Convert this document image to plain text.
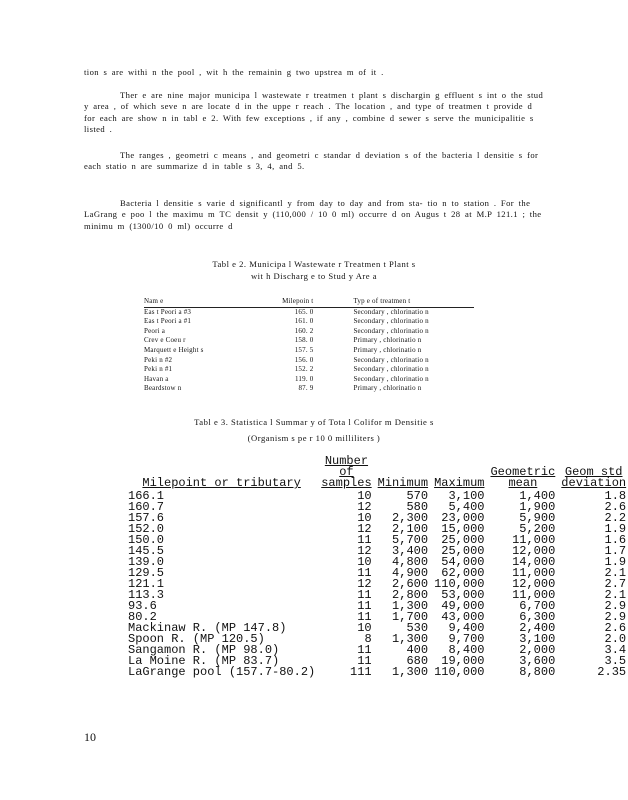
tion s are withi n the pool , wit h the remainin g two upstrea m of it .

Ther e are nine major municipa l wastewate r treatmen t plant s dischargin g effluent s int o the stud y area , of which seve n are locate d in the uppe r reach . The location , and type of treatmen t provide d for each are show n in tabl e 2. With few exceptions , if any , combine d sewer s serve the municipalitie s listed .

The ranges , geometri c means , and geometri c standar d deviation s of the bacteria l densitie s for each statio n are summarize d in table s 3, 4, and 5.

Bacteria l densitie s varie d significantl y from day to day and from sta- tio n to station . For the LaGrang e poo l the maximu m TC densit y (110,000 / 10 0 ml) occurre d on Augus t 28 at M.P 121.1 ; the minimu m (1300/10 0 ml) occurre d

Tabl e 2. Municipa l Wastewate r Treatmen t Plant s

wit h Discharg e to Stud y Are a

Nam e	Milepoin t	Typ e of treatmen t
Eas t Peori a #3	165. 0	Secondary , chlorinatio n
Eas t Peori a #1	161. 0	Secondary , chlorinatio n
Peori a	160. 2	Secondary , chlorinatio n
Crev e Coeu r	158. 0	Primary , chlorinatio n
Marquett e Height s	157. 5	Primary , chlorinatio n
Peki n #2	156. 0	Secondary , chlorinatio n
Peki n #1	152. 2	Secondary , chlorinatio n
Havan a	119. 0	Secondary , chlorinatio n
Beardstow n	87. 9	Primary , chlorinatio n

Tabl e 3. Statistica l Summar y of Tota l Colifor m Densitie s

(Organism s pe r 10 0 milliliters )

Milepoint or tributary	Number of samples	Minimum	Maximum	Geometric mean	Geom std deviation
166.1	10	570	3,100	1,400	1.8
160.7	12	580	5,400	1,900	2.6
157.6	10	2,300	23,000	5,900	2.2
152.0	12	2,100	15,000	5,200	1.9
150.0	11	5,700	25,000	11,000	1.6
145.5	12	3,400	25,000	12,000	1.7
139.0	10	4,800	54,000	14,000	1.9
129.5	11	4,900	62,000	11,000	2.1
121.1	12	2,600	110,000	12,000	2.7
113.3	11	2,800	53,000	11,000	2.1
93.6	11	1,300	49,000	6,700	2.9
80.2	11	1,700	43,000	6,300	2.9
Mackinaw R. (MP 147.8)	10	530	9,400	2,400	2.6
Spoon R. (MP 120.5)	8	1,300	9,700	3,100	2.0
Sangamon R. (MP 98.0)	11	400	8,400	2,000	3.4
La Moine R. (MP 83.7)	11	680	19,000	3,600	3.5
LaGrange pool (157.7-80.2)	111	1,300	110,000	8,800	2.35
10
